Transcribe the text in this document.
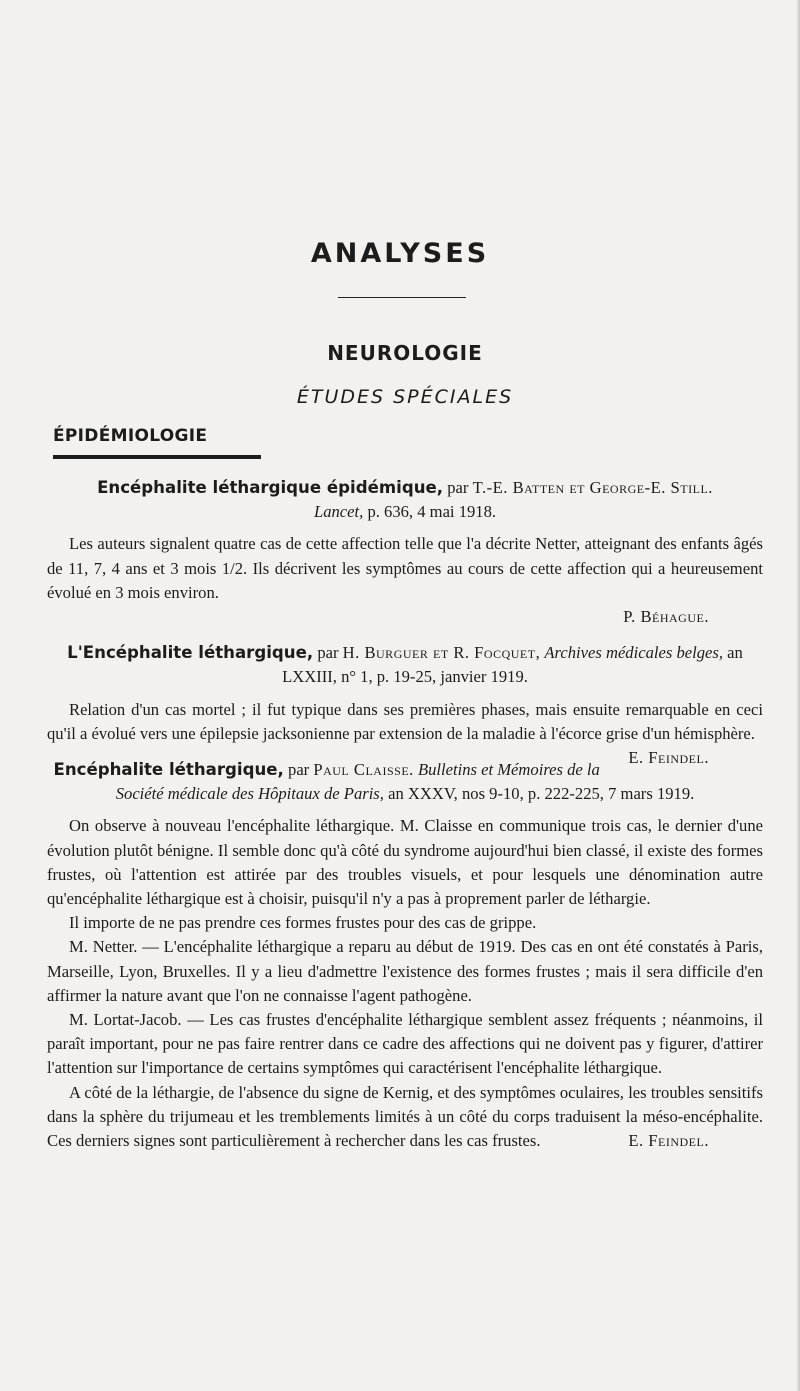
ANALYSES
NEUROLOGIE
ÉTUDES SPÉCIALES
ÉPIDÉMIOLOGIE

Encéphalite léthargique épidémique, par T.-E. Batten et George-E. Still.
Lancet, p. 636, 4 mai 1918.

Les auteurs signalent quatre cas de cette affection telle que l'a décrite Netter, atteignant des enfants âgés de 11, 7, 4 ans et 3 mois 1/2. Ils décrivent les symptômes au cours de cette affection qui a heureusement évolué en 3 mois environ.

P. Béhague.

L'Encéphalite léthargique, par H. Burguer et R. Focquet, Archives médicales belges, an LXXIII, n° 1, p. 19-25, janvier 1919.

Relation d'un cas mortel ; il fut typique dans ses premières phases, mais ensuite remarquable en ceci qu'il a évolué vers une épilepsie jacksonienne par extension de la maladie à l'écorce grise d'un hémisphère.
E. Feindel.

Encéphalite léthargique, par Paul Claisse. Bulletins et Mémoires de la Société médicale des Hôpitaux de Paris, an XXXV, nos 9-10, p. 222-225, 7 mars 1919.

On observe à nouveau l'encéphalite léthargique. M. Claisse en communique trois cas, le dernier d'une évolution plutôt bénigne. Il semble donc qu'à côté du syndrome aujourd'hui bien classé, il existe des formes frustes, où l'attention est attirée par des troubles visuels, et pour lesquels une dénomination autre qu'encéphalite léthargique est à choisir, puisqu'il n'y a pas à proprement parler de léthargie.

Il importe de ne pas prendre ces formes frustes pour des cas de grippe.

M. Netter. — L'encéphalite léthargique a reparu au début de 1919. Des cas en ont été constatés à Paris, Marseille, Lyon, Bruxelles. Il y a lieu d'admettre l'existence des formes frustes ; mais il sera difficile d'en affirmer la nature avant que l'on ne connaisse l'agent pathogène.

M. Lortat-Jacob. — Les cas frustes d'encéphalite léthargique semblent assez fréquents ; néanmoins, il paraît important, pour ne pas faire rentrer dans ce cadre des affections qui ne doivent pas y figurer, d'attirer l'attention sur l'importance de certains symptômes qui caractérisent l'encéphalite léthargique.

A côté de la léthargie, de l'absence du signe de Kernig, et des symptômes oculaires, les troubles sensitifs dans la sphère du trijumeau et les tremblements limités à un côté du corps traduisent la méso-encéphalite. Ces derniers signes sont particulièrement à rechercher dans les cas frustes.	E. Feindel.
